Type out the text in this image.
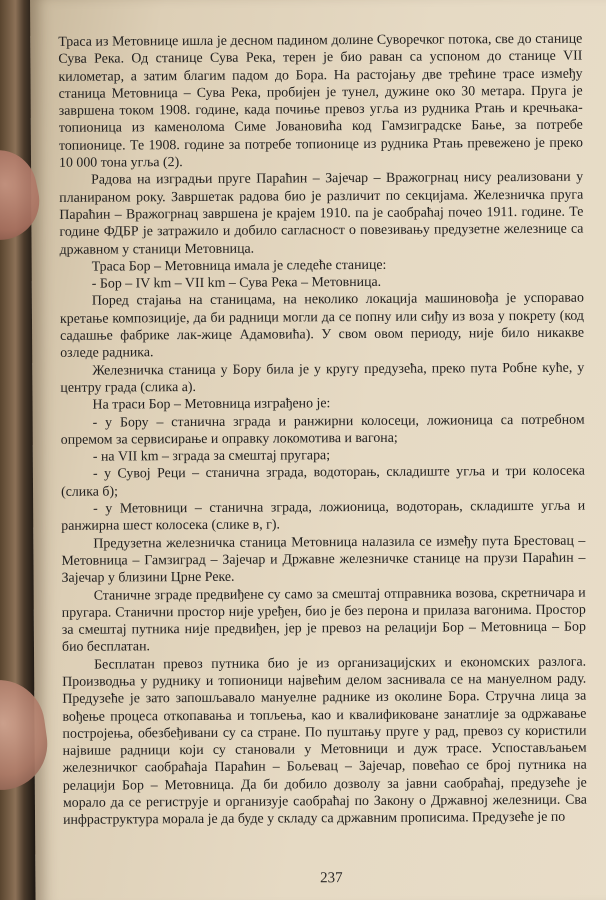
Траса из Метовнице ишла је десном падином долине Суворечког потока, све до станице Сува Река. Од станице Сува Река, терен је био раван са успоном до станице VII километар, а затим благим падом до Бора. На растојању две трећине трасе између станица Метовница – Сува Река, пробијен је тунел, дужине око 30 метара. Пруга је завршена током 1908. године, када почиње превоз угља из рудника Ртањ и кречњака-топионица из каменолома Симе Јовановића код Гамзиградске Бање, за потребе топионице. Те 1908. године за потребе топионице из рудника Ртањ превежено је преко 10 000 тона угља (2).

Радова на изградњи пруге Параћин – Зајечар – Вражогрнац нису реализовани у планираном року. Завршетак радова био је различит по секцијама. Железничка пруга Параћин – Вражогрнац завршена је крајем 1910. па је саобраћај почео 1911. године. Те године ФДБР је затражило и добило сагласност о повезивању предузетне железнице са државном у станици Метовница.

Траса Бор – Метовница имала је следеће станице:

- Бор – IV km – VII km – Сува Река – Метовница.

Поред стајања на станицама, на неколико локација машиновођа је успоравао кретање композиције, да би радници могли да се попну или сиђу из воза у покрету (код садашње фабрике лак-жице Адамовића). У свом овом периоду, није било никакве озледе радника.

Железничка станица у Бору била је у кругу предузећа, преко пута Робне куће, у центру града (слика а).

На траси Бор – Метовница изграђено је:

- у Бору – станична зграда и ранжирни колосеци, ложионица са потребном опремом за сервисирање и оправку локомотива и вагона;

- на VII km – зграда за смештај пругара;

- у Сувој Реци – станична зграда, водоторањ, складиште угља и три колосека (слика б);

- у Метовници – станична зграда, ложионица, водоторањ, складиште угља и ранжирна шест колосека (слике в, г).

Предузетна железничка станица Метовница налазила се између пута Брестовац – Метовница – Гамзиград – Зајечар и Државне железничке станице на прузи Параћин – Зајечар у близини Црне Реке.

Станичне зграде предвиђене су само за смештај отправника возова, скретничара и пругара. Станични простор није уређен, био је без перона и прилаза вагонима. Простор за смештај путника није предвиђен, јер је превоз на релацији Бор – Метовница – Бор био бесплатан.

Бесплатан превоз путника био је из организацијских и економских разлога. Производња у руднику и топионици највећим делом заснивала се на мануелном раду. Предузеће је зато запошљавало мануелне раднике из околине Бора. Стручна лица за вођење процеса откопавања и топљења, као и квалификоване занатлије за одржавање постројења, обезбеђивани су са стране. По пуштању пруге у рад, превоз су користили највише радници који су становали у Метовници и дуж трасе. Успостављањем железничког саобраћаја Параћин – Бољевац – Зајечар, повећао се број путника на релацији Бор – Метовница. Да би добило дозволу за јавни саобраћај, предузеће је морало да се региструје и организује саобраћај по Закону о Државној железници. Сва инфраструктура морала је да буде у складу са државним прописима. Предузеће је по

237
